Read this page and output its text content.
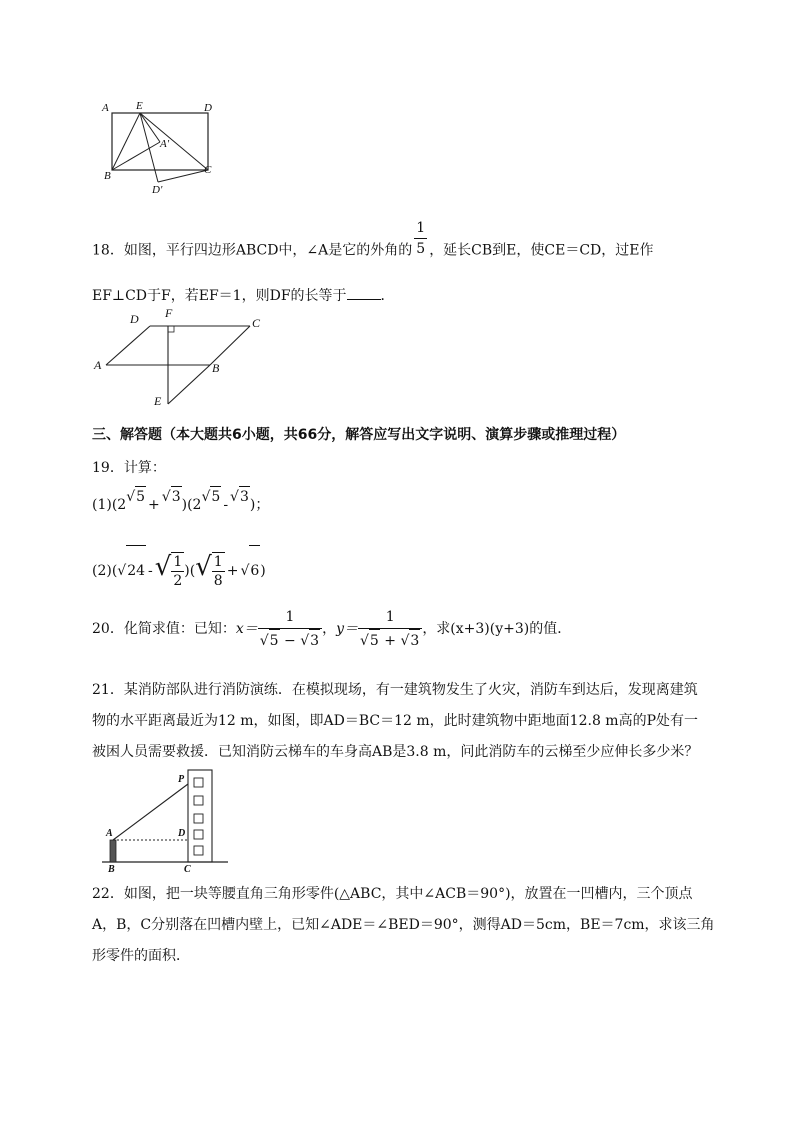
A E	D
A'
B
D'
C
18．如图，平行四边形ABCD中，∠A是它的外角的 $\frac{1}{5}$ ，延长CB到E，使CE＝CD，过E作
EF⊥CD于F，若EF＝1，则DF的长等于 ．
D F
C
A	B
E
三、解答题（本大题共6小题，共66分，解答应写出文字说明、演算步骤或推理过程）
19．计算：
(1)(2√5 + √3)(2√5 - √3)；
(2)(√24 -√ $\frac{1}{2}$ )(√ $\frac{1}{8} + √6$)
20．化简求值：已知：$x= \frac{1}{√5 - √3}$ ，$y= \frac{1}{√5 + √3}$ ，求(x+3)(y+3)的值．
21．某消防部队进行消防演练．在模拟现场，有一建筑物发生了火灾，消防车到达后，发现离建筑
物的水平距离最近为12 m，如图，即AD＝BC＝12 m，此时建筑物中距地面12.8 m高的P处有一
被困人员需要救援．已知消防云梯车的车身高AB是3.8 m，问此消防车的云梯至少应伸长多少米？
P
A	D
B	C
22．如图，把一块等腰直角三角形零件(△ABC，其中∠ACB＝90°)，放置在一凹槽内，三个顶点
A，B，C分别落在凹槽内壁上，已知∠ADE＝∠BED＝90°，测得AD＝5cm，BE＝7cm，求该三角
形零件的面积．
